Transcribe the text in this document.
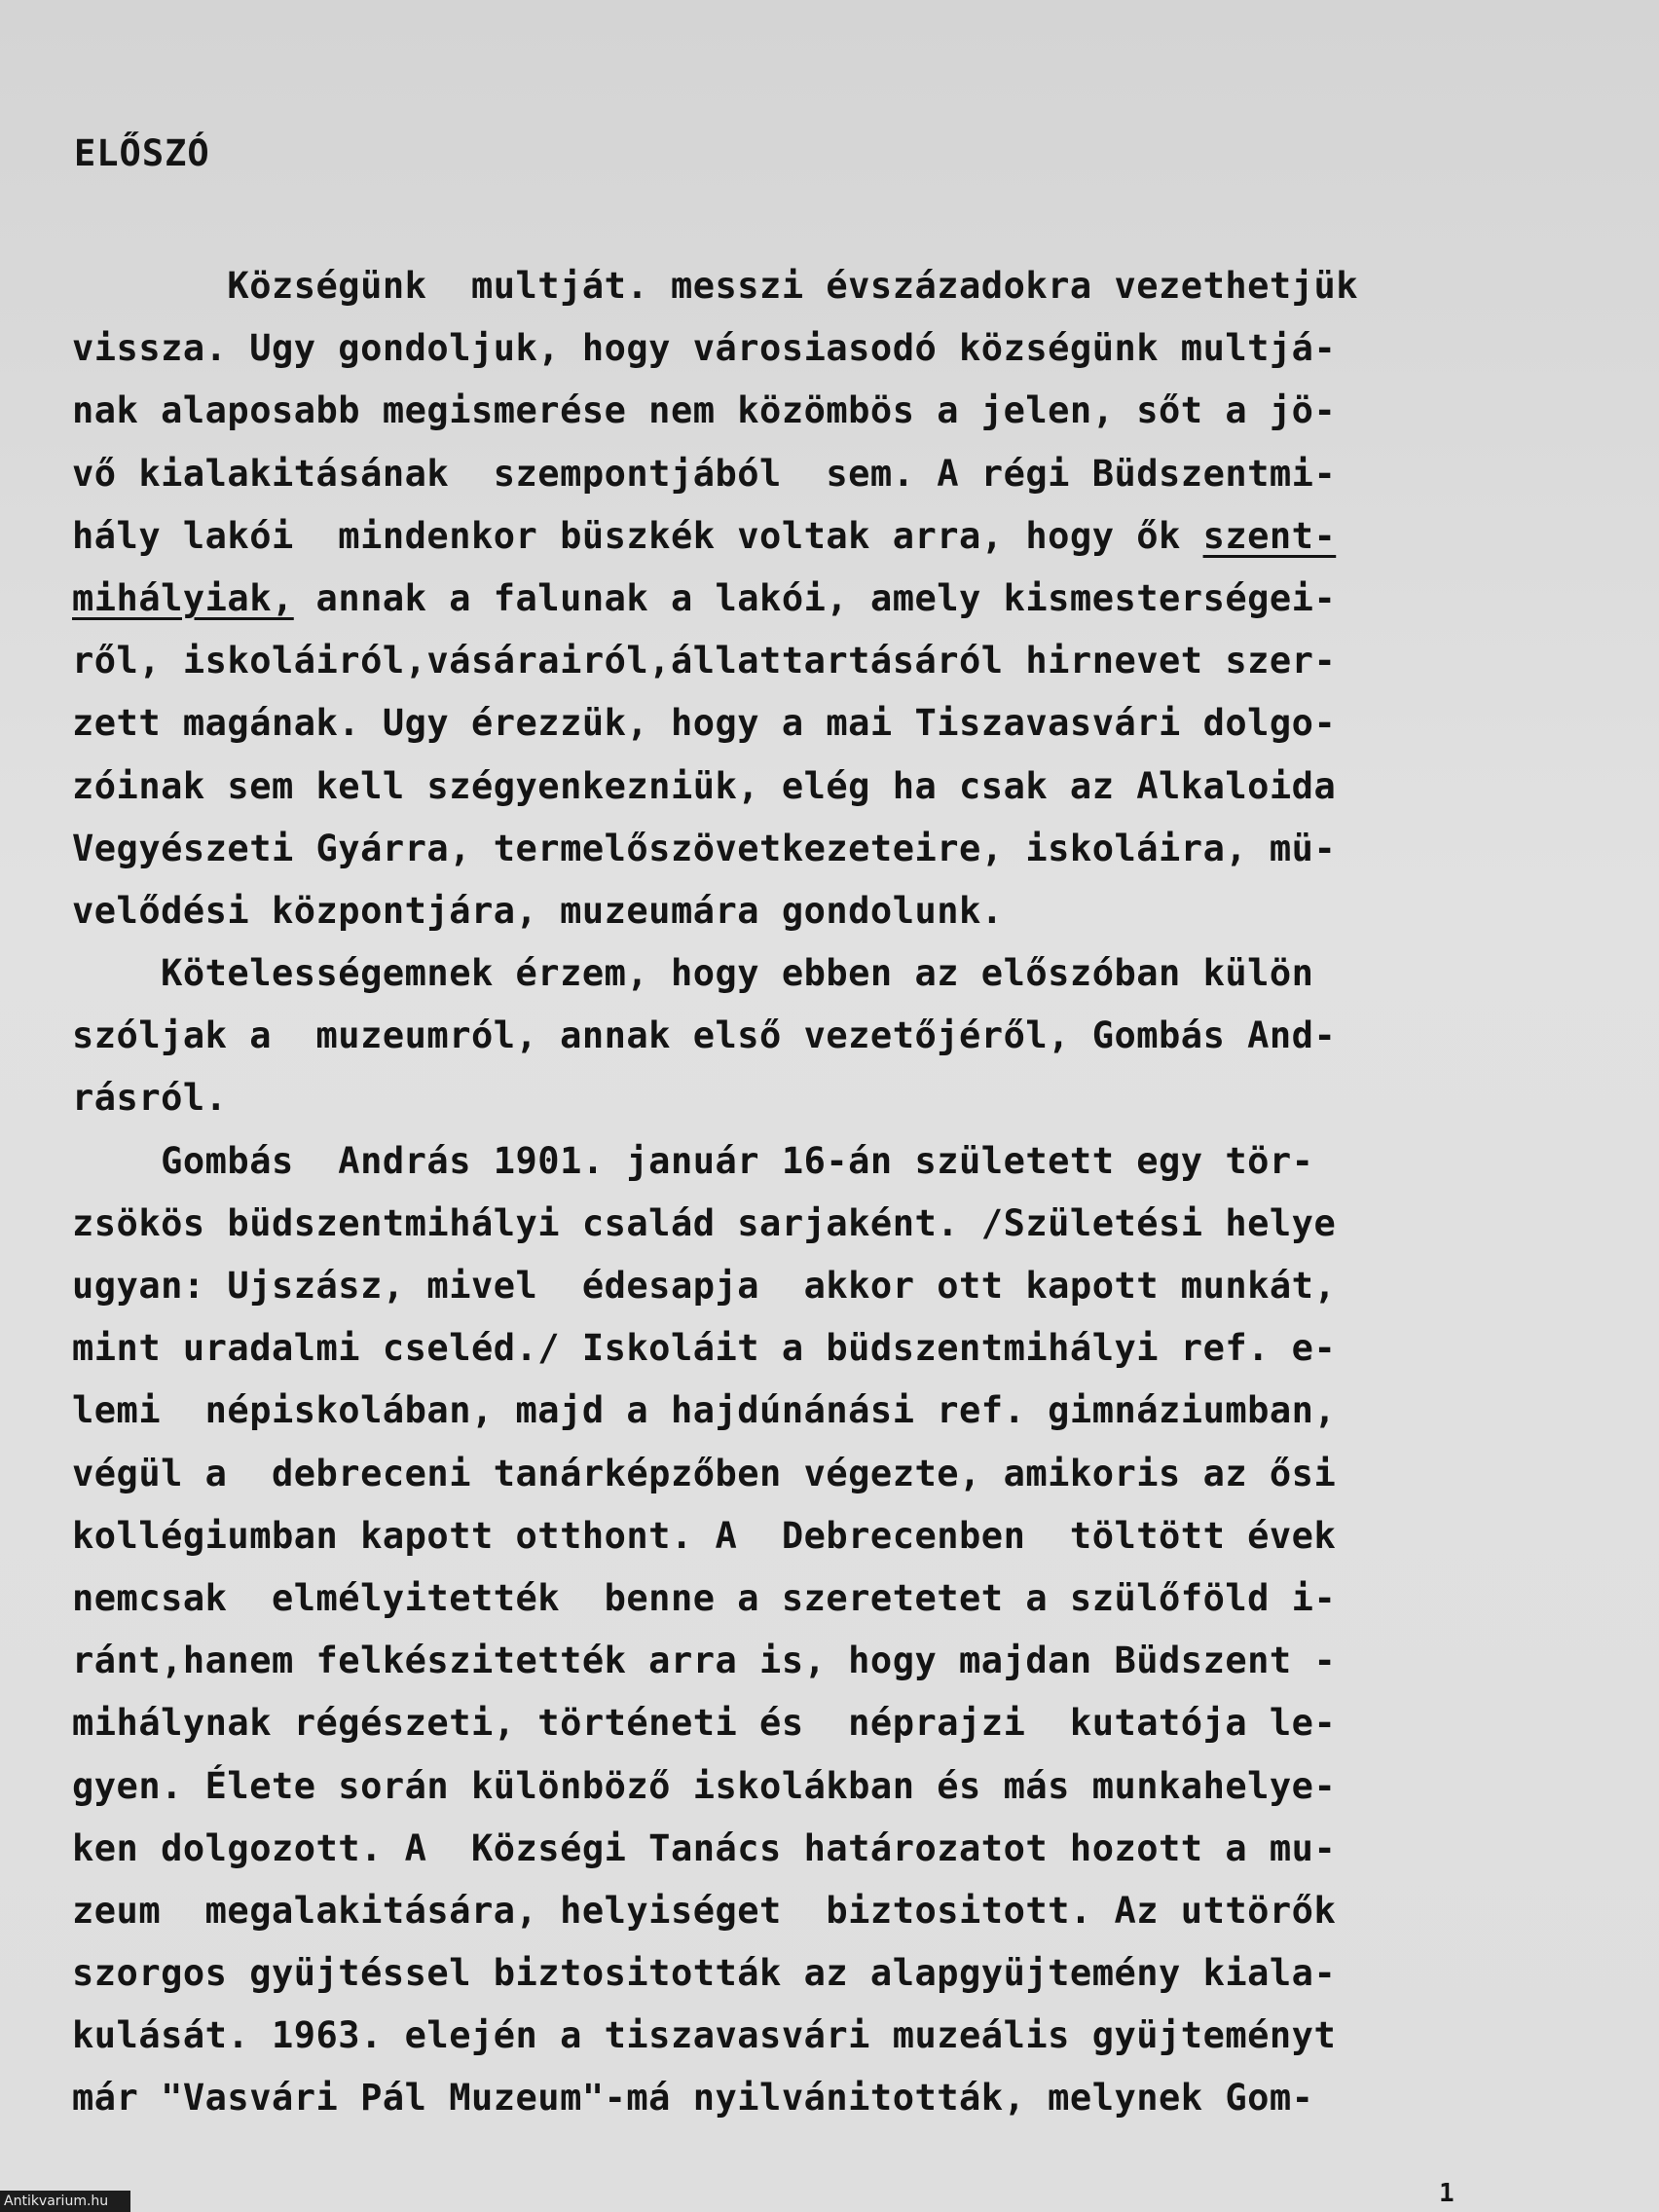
ELŐSZÓ
Községünk  multját. messzi évszázadokra vezethetjük
vissza. Ugy gondoljuk, hogy városiasodó községünk multjá-
nak alaposabb megismerése nem közömbös a jelen, sőt a jö-
vő kialakitásának  szempontjából  sem. A régi Büdszentmi-
hály lakói  mindenkor büszkék voltak arra, hogy ők szent-
mihályiak, annak a falunak a lakói, amely kismesterségei-
ről, iskoláiról,vásárairól,állattartásáról hirnevet szer-
zett magának. Ugy érezzük, hogy a mai Tiszavasvári dolgo-
zóinak sem kell szégyenkezniük, elég ha csak az Alkaloida
Vegyészeti Gyárra, termelőszövetkezeteire, iskoláira, mü-
velődési központjára, muzeumára gondolunk.
Kötelességemnek érzem, hogy ebben az előszóban külön
szóljak a  muzeumról, annak első vezetőjéről, Gombás And-
rásról.
Gombás  András 1901. január 16-án született egy tör-
zsökös büdszentmihályi család sarjaként. /Születési helye
ugyan: Ujszász, mivel  édesapja  akkor ott kapott munkát,
mint uradalmi cseléd./ Iskoláit a büdszentmihályi ref. e-
lemi  népiskolában, majd a hajdúnánási ref. gimnáziumban,
végül a  debreceni tanárképzőben végezte, amikoris az ősi
kollégiumban kapott otthont. A  Debrecenben  töltött évek
nemcsak  elmélyitették  benne a szeretetet a szülőföld i-
ránt,hanem felkészitették arra is, hogy majdan Büdszent -
mihálynak régészeti, történeti és  néprajzi  kutatója le-
gyen. Élete során különböző iskolákban és más munkahelye-
ken dolgozott. A  Községi Tanács határozatot hozott a mu-
zeum  megalakitására, helyiséget  biztositott. Az uttörők
szorgos gyüjtéssel biztositották az alapgyüjtemény kiala-
kulását. 1963. elején a tiszavasvári muzeális gyüjteményt
már "Vasvári Pál Muzeum"-má nyilvánitották, melynek Gom-
1
Antikvarium.hu
